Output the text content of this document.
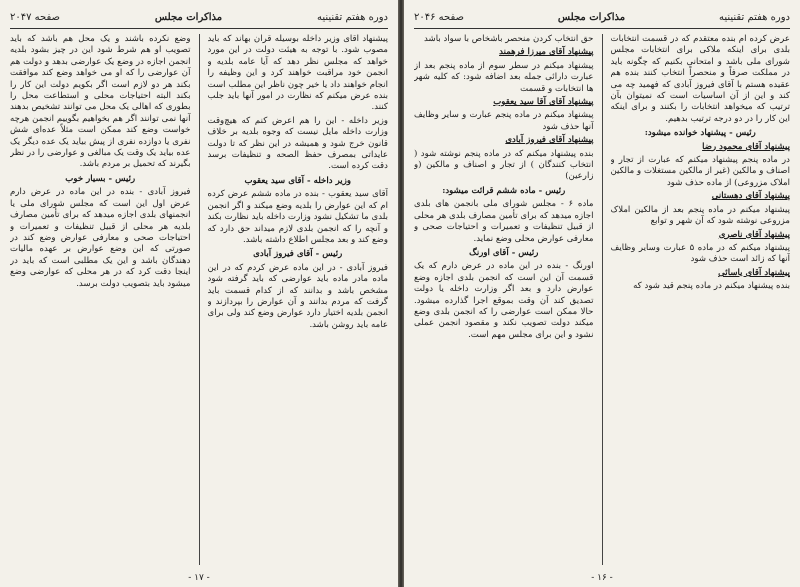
دوره هفتم تقنینیه
مذاکرات مجلس
صفحه ۲۰۴۷

پیشنهاد آقای وزیر داخله بوسیله قرآن بهاند که باید مصوب شود. با توجه به هیئت دولت در این مورد خواهد که مجلس نظر دهد که آیا عامه بلدیه و انجمن خود مراقبت خواهند کرد و این وظیفه را انجام خواهند داد یا خیر چون ناظر این مطلب است بنده عرض میکنم که نظارت در امور آنها باید جلب کنند.

وزیر داخله - این را هم اعرض کنم که هیچ‌وقت وزارت داخله مایل نیست که وجوه بلدیه بر خلاف قانون خرج شود و همیشه در این نظر که تا دولت عایداتی بمصرف حفظ الصحه و تنظیفات برسد دقت کرده است.

وزیر داخله - آقای سید یعقوب

آقای سید یعقوب - بنده در ماده ششم عرض کرده ام که این عوارض را بلدیه وضع میکند و اگر انجمن بلدی ما تشکیل نشود وزارت داخله باید نظارت بکند و آنچه را که انجمن بلدی لازم میداند حق دارد که وضع کند و بعد مجلس اطلاع داشته باشد.

رئیس - آقای فیروز آبادی

فیروز آبادی - در این ماده عرض کردم که در این ماده مادر ماده باید عوارضی که باید گرفته شود مشخص باشد و بدانند که از کدام قسمت باید گرفت که مردم بدانند و آن عوارض را بپردازند و انجمن بلدیه اختیار دارد عوارض وضع کند ولی برای عامه باید روشن باشد.

وضع نکرده باشند و یک محل هم باشد که باید تصویب او هم شرط شود این در چیز بشود بلدیه انجمن اجازه در وضع یک عوارضی بدهد و دولت هم آن عوارضی را که او می خواهد وضع کند موافقت بکند هر دو لازم است اگر بکویم دولت این کار را بکند البته احتیاجات محلی و استطاعت محل را بطوری که اهالی یک محل می توانند تشخیص بدهند آنها نمی توانند اگر هم بخواهیم بگوییم انجمن هرچه خواست وضع کند ممکن است مثلاً عده‌ای شش نفری یا دوازده نفری از پیش بیاید یک عده دیگر یک عده بیاید یک وقت یک مبالغی و عوارضی را در نظر بگیرند که تحمیل بر مردم باشد.

رئیس - بسیار خوب

فیروز آبادی - بنده در این ماده در عرض دارم عرض اول این است که مجلس شورای ملی یا انجمنهای بلدی اجازه میدهد که برای تأمین مصارف بلدیه هر محلی از قبیل تنظیفات و تعمیرات و احتیاجات صحی و معارفی عوارض وضع کند در صورتی که این وضع عوارض بر عهده مالیات دهندگان باشد و این یک مطلبی است که باید در اینجا دقت کرد که در هر محلی که عوارضی وضع میشود باید بتصویب دولت برسد.

- ۱۷ -
دوره هفتم تقنینیه
مذاکرات مجلس
صفحه ۲۰۴۶

عرض کرده ام بنده معتقدم که در قسمت انتخابات بلدی برای اینکه ملاکی برای انتخابات مجلس شورای ملی باشد و امتحانی بکنیم که چگونه باید در مملکت صرفاً و منحصراً انتخاب کنند بنده هم عقیده هستم با آقای فیروز آبادی که فهمید چه می کند و این از آن اساسیات است که نمیتوان بآن ترتیب که میخواهد انتخابات را بکنند و برای اینکه این کار را در دو درجه ترتیب بدهیم.

رئیس - پیشنهاد خوانده میشود:

پیشنهاد آقای محمود رضا

در ماده پنجم پیشنهاد میکنم که عبارت از تجار و اصناف و مالکین (غیر از مالکین مستغلات و مالکین املاک مزروعی) از ماده حذف شود

پیشنهاد آقای دهستانی

پیشنهاد میکنم در ماده پنجم بعد از مالکین املاک مزروعی نوشته شود که آن شهر و توابع

پیشنهاد آقای ناصری

پیشنهاد میکنم که در ماده ۵ عبارت وسایر وظایف آنها که زائد است حذف شود

پیشنهاد آقای یاسائی

بنده پیشنهاد میکنم در ماده پنجم قید شود که

حق انتخاب کردن منحصر باشخاص با سواد باشد

پیشنهاد آقای میرزا فرهمند

پیشنهاد میکنم در سطر سوم از ماده پنجم بعد از عبارت دارائی جمله بعد اضافه شود: که کلیه شهر ها انتخابات و قسمت

پیشنهاد آقای آقا سید یعقوب

پیشنهاد میکنم در ماده پنجم عبارت و سایر وظایف آنها حذف شود

پیشنهاد آقای فیروز آبادی

بنده پیشنهاد میکنم که در ماده پنجم نوشته شود ( انتخاب کنندگان ) از تجار و اصناف و مالکین (و زارعین)

رئیس - ماده ششم قرائت میشود:

ماده ۶ - مجلس شورای ملی بانجمن های بلدی اجازه میدهد که برای تأمین مصارف بلدی هر محلی از قبیل تنظیفات و تعمیرات و احتیاجات صحی و معارفی عوارض محلی وضع نماید.

رئیس - آقای اورنگ

اورنگ - بنده در این ماده در عرض دارم که یک قسمت آن این است که انجمن بلدی اجازه وضع عوارض دارد و بعد اگر وزارت داخله یا دولت تصدیق کند آن وقت بموقع اجرا گذارده میشود. حالا ممکن است عوارضی را که انجمن بلدی وضع میکند دولت تصویب نکند و مقصود انجمن عملی نشود و این برای مجلس مهم است.

- ۱۶ -
